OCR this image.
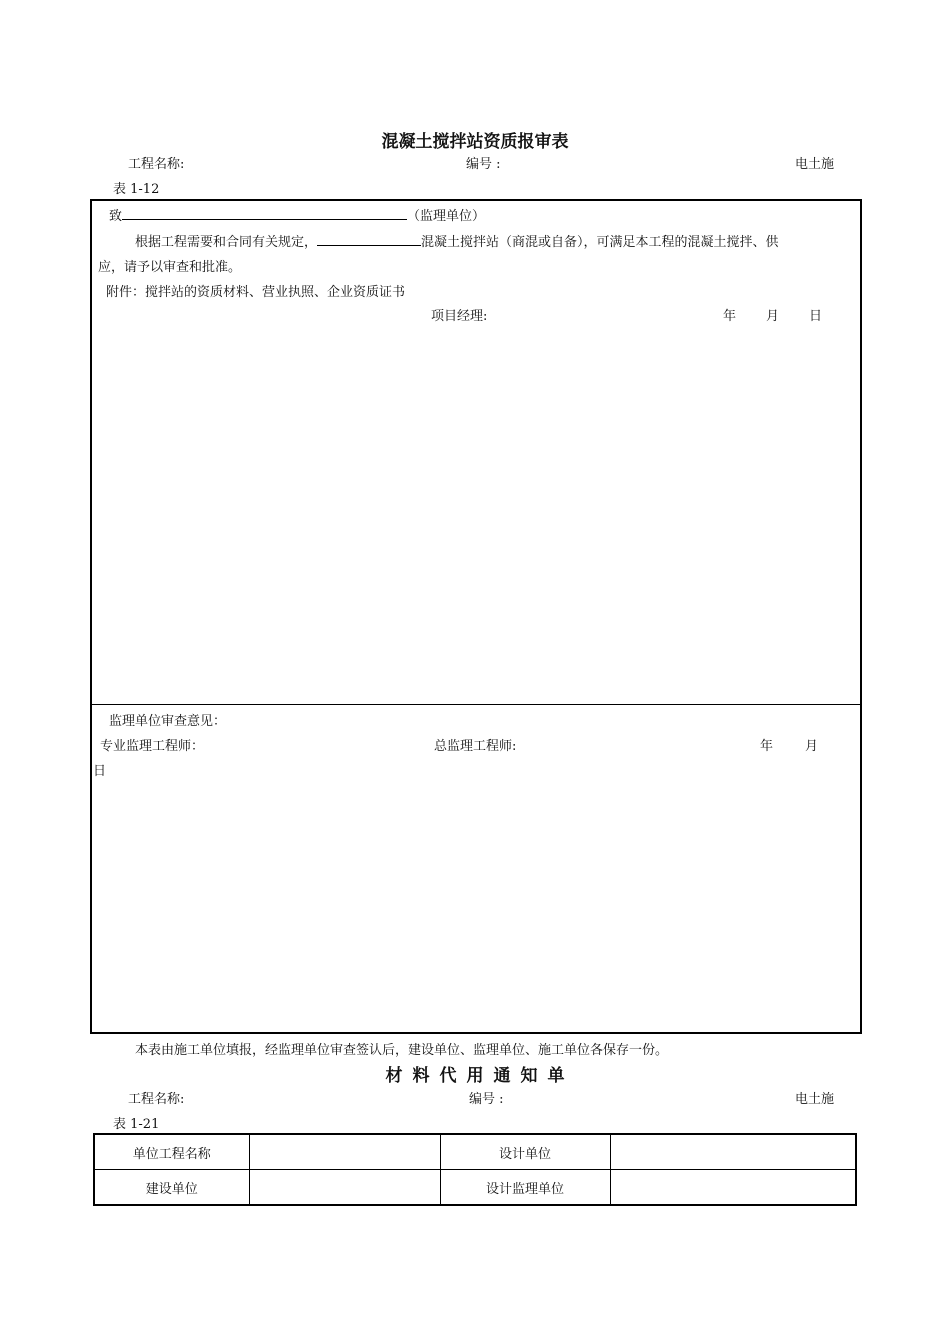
混凝土搅拌站资质报审表
工程名称:	编号 :	电土施
表 1-12
致	（监理单位）
根据工程需要和合同有关规定，	混凝土搅拌站（商混或自备），可满足本工程的混凝土搅拌、供
应，请予以审查和批准。
附件：搅拌站的资质材料、营业执照、企业资质证书
项目经理:	年 月 日
监理单位审查意见：
专业监理工程师：	总监理工程师:	年 月
日
本表由施工单位填报，经监理单位审查签认后，建设单位、监理单位、施工单位各保存一份。
材料代用通知单
工程名称:	编号 :	电土施
表 1-21
单位工程名称		设计单位	
建设单位		设计监理单位	
